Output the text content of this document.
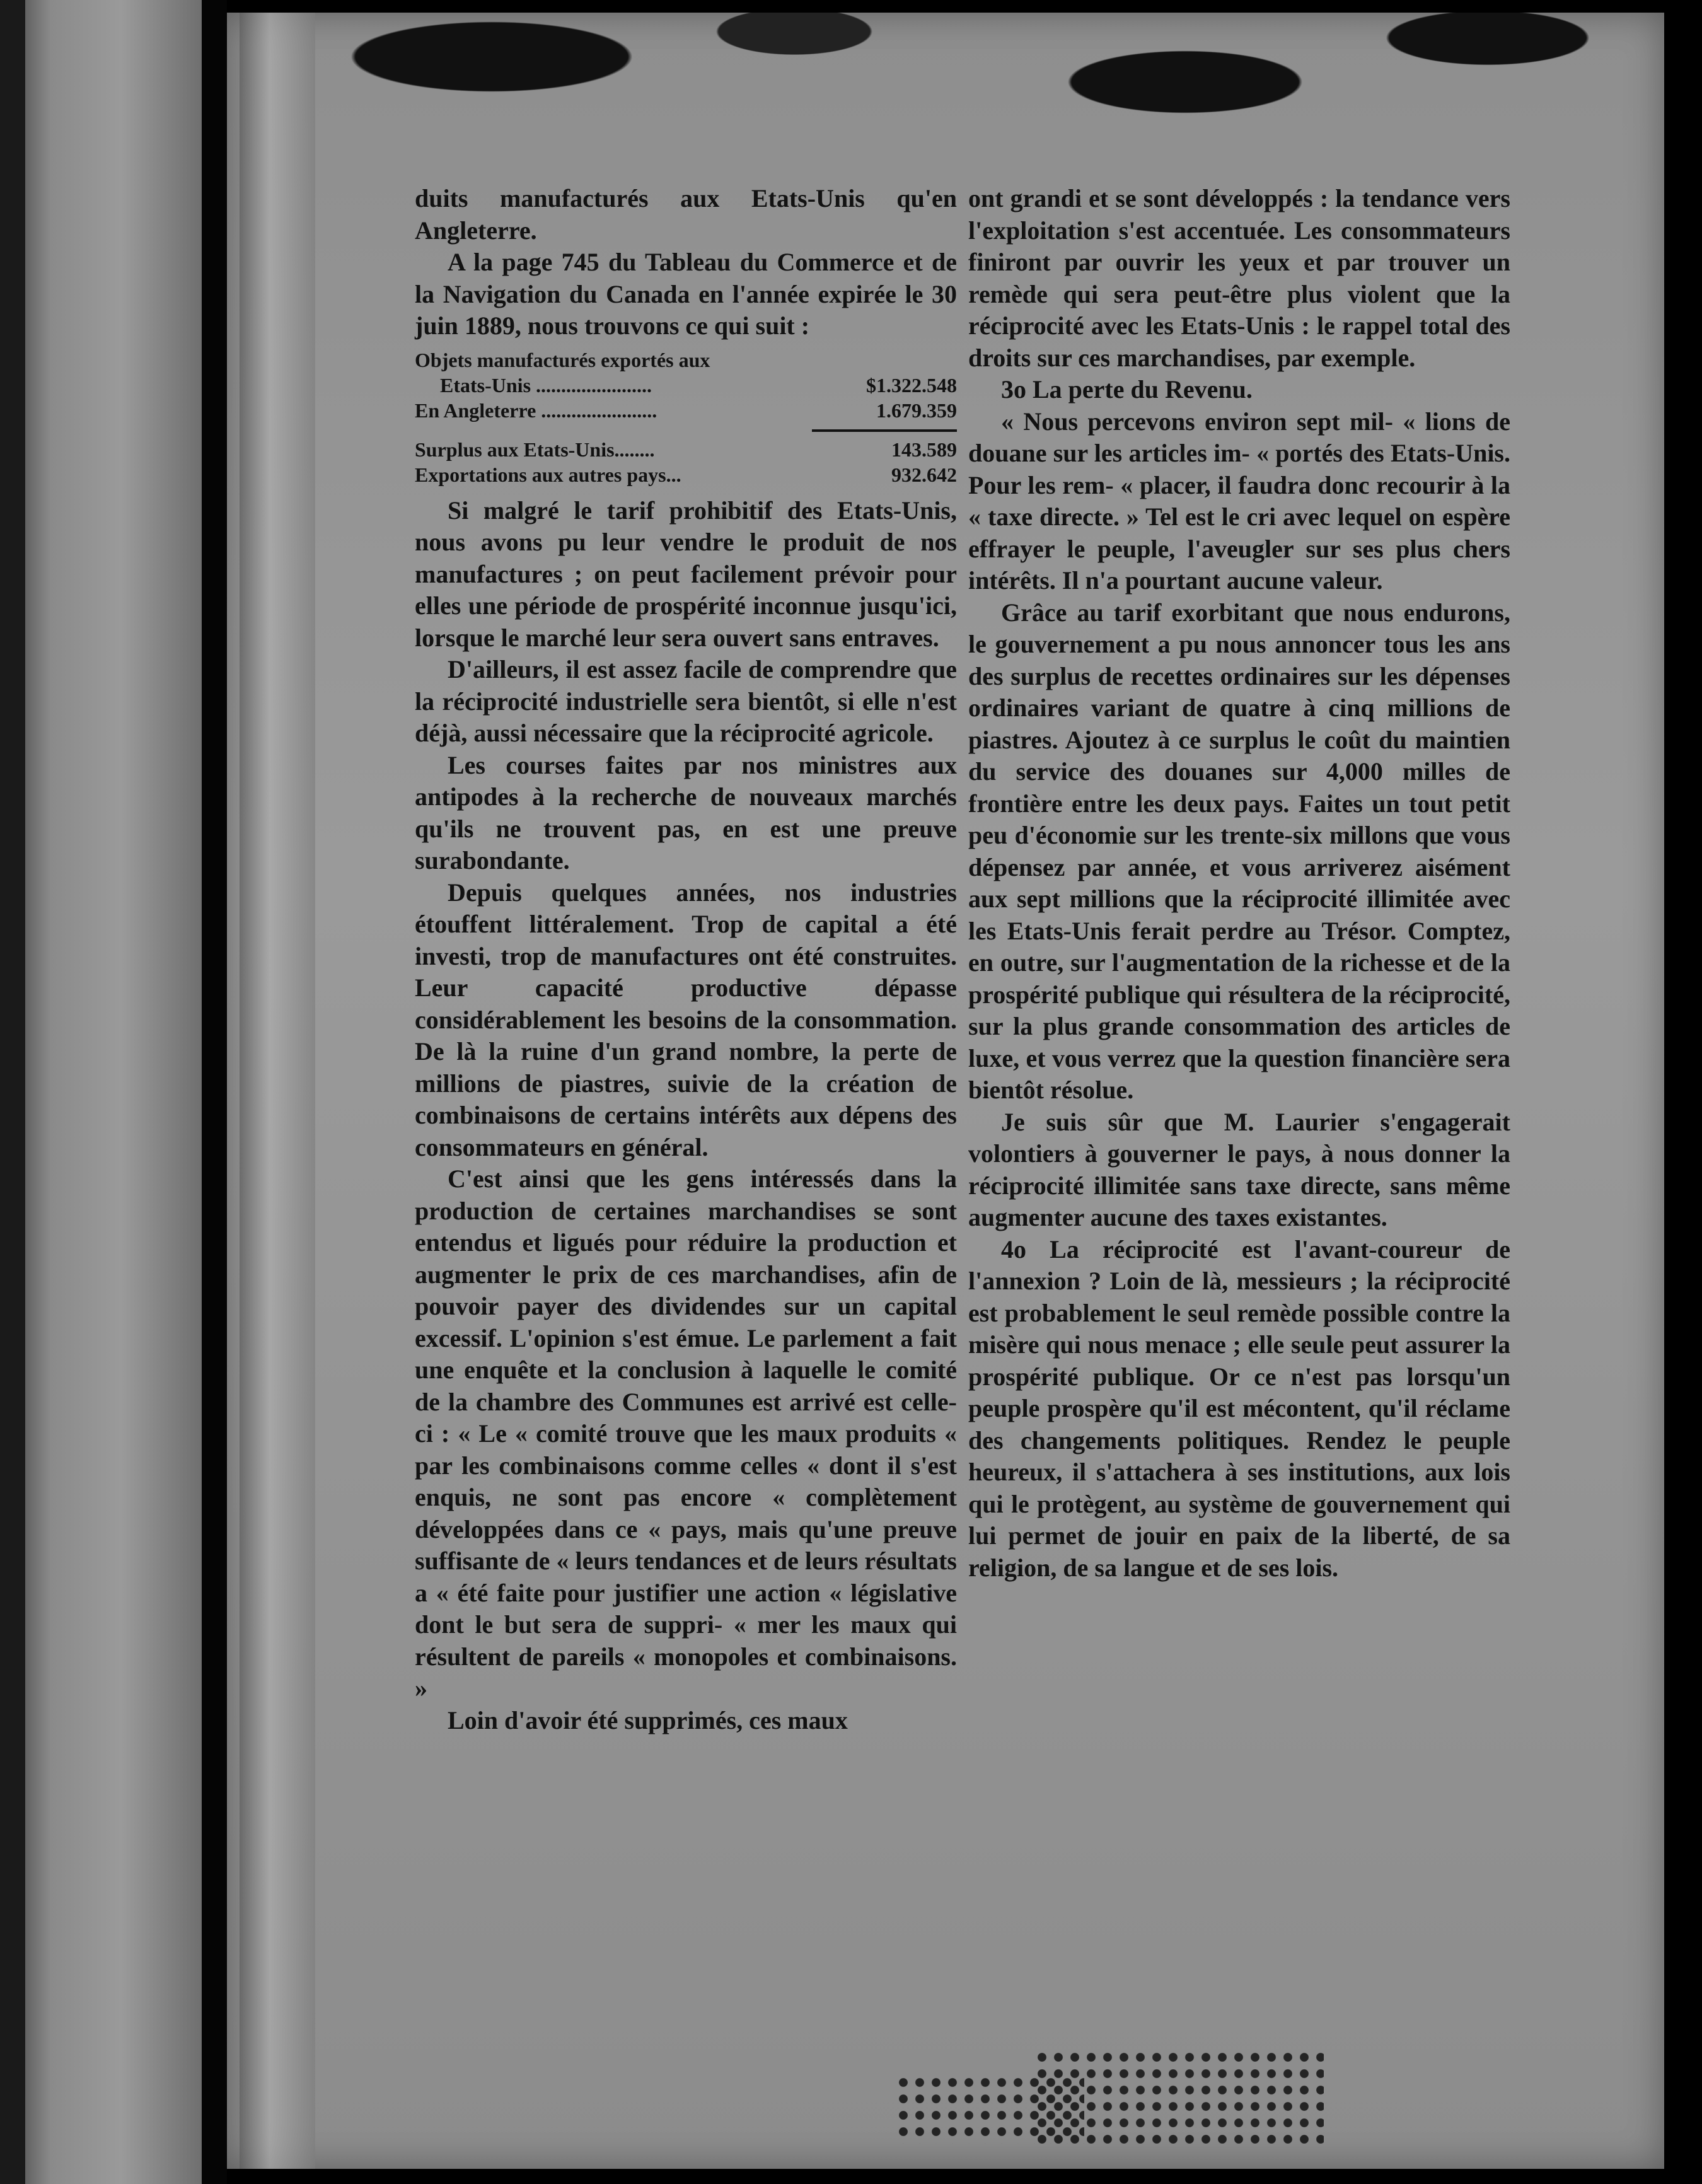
duits manufacturés aux Etats-Unis qu'en Angleterre.

A la page 745 du Tableau du Commerce et de la Navigation du Canada en l'année expirée le 30 juin 1889, nous trouvons ce qui suit :

Objets manufacturés exportés aux
Etats-Unis .......................	$1.322.548
En Angleterre .......................	1.679.359
Surplus aux Etats-Unis........	143.589
Exportations aux autres pays...	932.642

Si malgré le tarif prohibitif des Etats-Unis, nous avons pu leur vendre le produit de nos manufactures ; on peut facilement prévoir pour elles une période de prospérité inconnue jusqu'ici, lorsque le marché leur sera ouvert sans entraves.

D'ailleurs, il est assez facile de comprendre que la réciprocité industrielle sera bientôt, si elle n'est déjà, aussi nécessaire que la réciprocité agricole.

Les courses faites par nos ministres aux antipodes à la recherche de nouveaux marchés qu'ils ne trouvent pas, en est une preuve surabondante.

Depuis quelques années, nos industries étouffent littéralement. Trop de capital a été investi, trop de manufactures ont été construites. Leur capacité productive dépasse considérablement les besoins de la consommation. De là la ruine d'un grand nombre, la perte de millions de piastres, suivie de la création de combinaisons de certains intérêts aux dépens des consommateurs en général.

C'est ainsi que les gens intéressés dans la production de certaines marchandises se sont entendus et ligués pour réduire la production et augmenter le prix de ces marchandises, afin de pouvoir payer des dividendes sur un capital excessif. L'opinion s'est émue. Le parlement a fait une enquête et la conclusion à laquelle le comité de la chambre des Communes est arrivé est celle-ci : « Le « comité trouve que les maux produits « par les combinaisons comme celles « dont il s'est enquis, ne sont pas encore « complètement développées dans ce « pays, mais qu'une preuve suffisante de « leurs tendances et de leurs résultats a « été faite pour justifier une action « législative dont le but sera de suppri- « mer les maux qui résultent de pareils « monopoles et combinaisons. »

Loin d'avoir été supprimés, ces maux

ont grandi et se sont développés : la tendance vers l'exploitation s'est accentuée. Les consommateurs finiront par ouvrir les yeux et par trouver un remède qui sera peut-être plus violent que la réciprocité avec les Etats-Unis : le rappel total des droits sur ces marchandises, par exemple.

3o La perte du Revenu.

« Nous percevons environ sept mil- « lions de douane sur les articles im- « portés des Etats-Unis. Pour les rem- « placer, il faudra donc recourir à la « taxe directe. » Tel est le cri avec lequel on espère effrayer le peuple, l'aveugler sur ses plus chers intérêts. Il n'a pourtant aucune valeur.

Grâce au tarif exorbitant que nous endurons, le gouvernement a pu nous annoncer tous les ans des surplus de recettes ordinaires sur les dépenses ordinaires variant de quatre à cinq millions de piastres. Ajoutez à ce surplus le coût du maintien du service des douanes sur 4,000 milles de frontière entre les deux pays. Faites un tout petit peu d'économie sur les trente-six millons que vous dépensez par année, et vous arriverez aisément aux sept millions que la réciprocité illimitée avec les Etats-Unis ferait perdre au Trésor. Comptez, en outre, sur l'augmentation de la richesse et de la prospérité publique qui résultera de la réciprocité, sur la plus grande consommation des articles de luxe, et vous verrez que la question financière sera bientôt résolue.

Je suis sûr que M. Laurier s'engagerait volontiers à gouverner le pays, à nous donner la réciprocité illimitée sans taxe directe, sans même augmenter aucune des taxes existantes.

4o La réciprocité est l'avant-coureur de l'annexion ? Loin de là, messieurs ; la réciprocité est probablement le seul remède possible contre la misère qui nous menace ; elle seule peut assurer la prospérité publique. Or ce n'est pas lorsqu'un peuple prospère qu'il est mécontent, qu'il réclame des changements politiques. Rendez le peuple heureux, il s'attachera à ses institutions, aux lois qui le protègent, au système de gouvernement qui lui permet de jouir en paix de la liberté, de sa religion, de sa langue et de ses lois.
